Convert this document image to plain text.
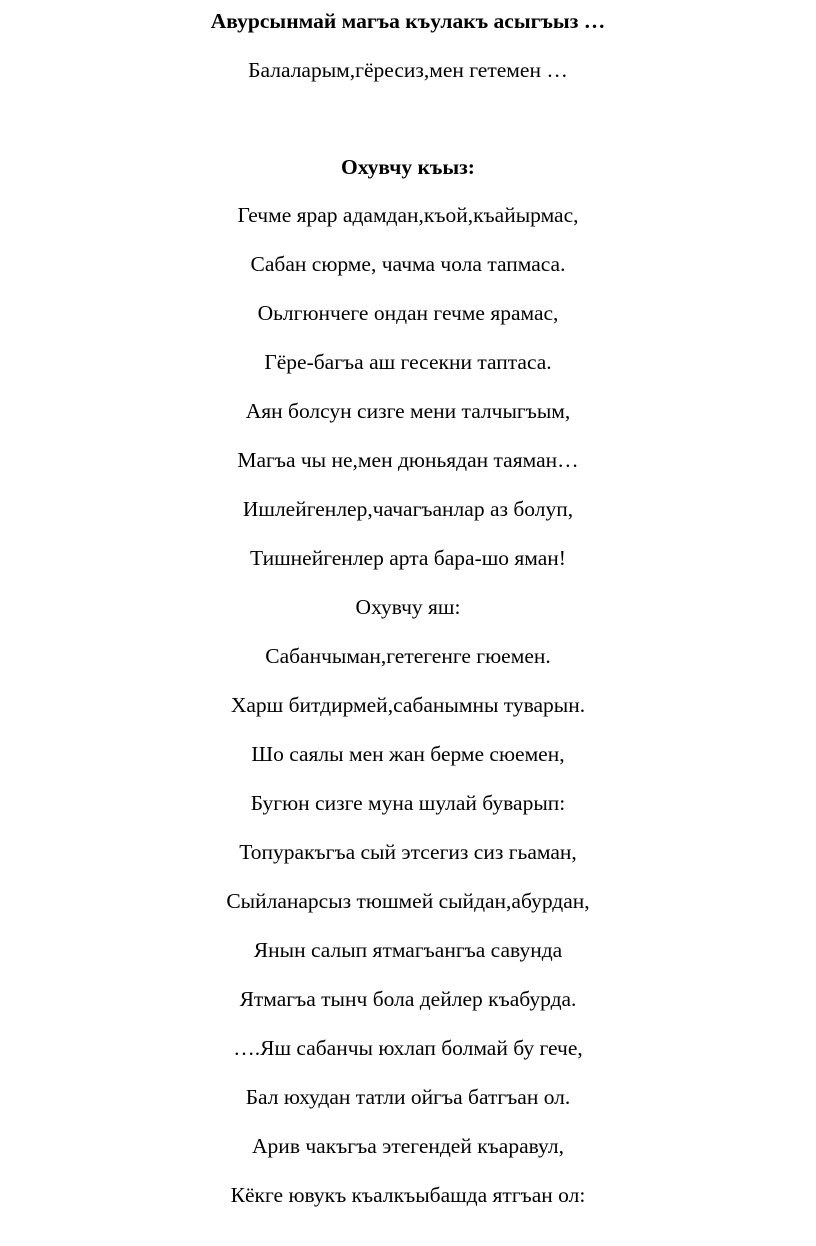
Авурсынмай магъа къулакъ асыгъыз …
Балаларым,гёресиз,мен гетемен …
Охувчу къыз:
Гечме ярар адамдан,къой,къайырмас,
Сабан сюрме, чачма чола тапмаса.
Оьлгюнчеге ондан гечме ярамас,
Гёре-багъа аш гесекни таптаса.
Аян болсун сизге мени талчыгъым,
Магъа чы не,мен дюньядан таяман…
Ишлейгенлер,чачагъанлар аз болуп,
Тишнейгенлер арта бара-шо яман!
Охувчу яш:
Сабанчыман,гетегенге гюемен.
Харш битдирмей,сабанымны туварын.
Шо саялы мен жан берме сюемен,
Бугюн сизге муна шулай буварып:
Топуракъгъа сый этсегиз сиз гьаман,
Сыйланарсыз тюшмей сыйдан,абурдан,
Янын салып ятмагъангъа савунда
Ятмагъа тынч бола дейлер къабурда.
….Яш сабанчы юхлап болмай бу гече,
Бал юхудан татли ойгъа батгъан ол.
Арив чакъгъа этегендей къаравул,
Кёкге ювукъ къалкъыбашда ятгъан ол:
